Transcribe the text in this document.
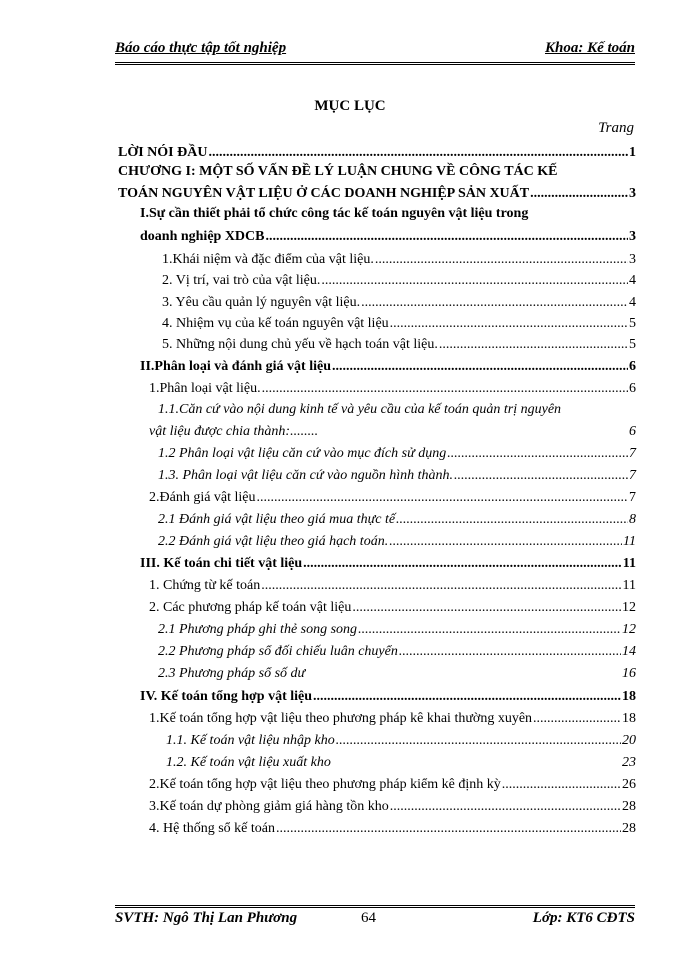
Báo cáo thực tập tốt nghiệp	Khoa: Kế toán
MỤC LỤC
Trang
LỜI NÓI ĐẦU .....	1
CHƯƠNG I: MỘT SỐ VẤN ĐỀ LÝ LUẬN CHUNG VỀ CÔNG TÁC KẾ
TOÁN NGUYÊN VẬT LIỆU Ở CÁC DOANH NGHIỆP SẢN XUẤT .....	3
I.Sự cần thiết phải tổ chức công tác kế toán nguyên vật liệu trong
doanh nghiệp XDCB .....	3
1.Khái niệm và đặc điểm của vật liệu. .....	3
2. Vị trí, vai trò của vật liệu. .....	4
3. Yêu cầu quản lý nguyên vật liệu. .....	4
4. Nhiệm vụ của kế toán nguyên vật liệu .....	5
5. Những nội dung chủ yếu về hạch toán vật liệu. .....	5
II.Phân loại và đánh giá vật liệu .....	6
1.Phân loại vật liệu. .....	6
1.1.Căn cứ vào nội dung kinh tế và yêu cầu của kế toán quản trị nguyên
vật liệu được chia thành:........	6
1.2 Phân loại vật liệu căn cứ vào mục đích sử dụng .....	7
1.3. Phân loại vật liệu căn cứ vào nguồn hình thành. .....	7
2.Đánh giá vật liệu .....	7
2.1 Đánh giá vật liệu theo giá mua thực tế .....	8
2.2 Đánh giá vật liệu theo giá hạch toán. .....	11
III. Kế toán chi tiết vật liệu .....	11
1. Chứng từ kế toán .....	11
2. Các phương pháp kế toán vật liệu .....	12
2.1 Phương pháp ghi thẻ song song .....	12
2.2 Phương pháp sổ đối chiếu luân chuyển .....	14
2.3 Phương pháp sổ số dư	16
IV. Kế toán tổng hợp vật liệu .....	18
1.Kế toán tổng hợp vật liệu theo phương pháp kê khai thường xuyên .....	18
1.1. Kế toán vật liệu nhập kho .....	20
1.2. Kế toán vật liệu xuất kho	23
2.Kế toán tổng hợp vật liệu theo phương pháp kiểm kê định kỳ .....	26
3.Kế toán dự phòng giảm giá hàng tồn kho .....	28
4. Hệ thống sổ kế toán .....	28
SVTH: Ngô Thị Lan Phương	64	Lớp: KT6 CĐTS
